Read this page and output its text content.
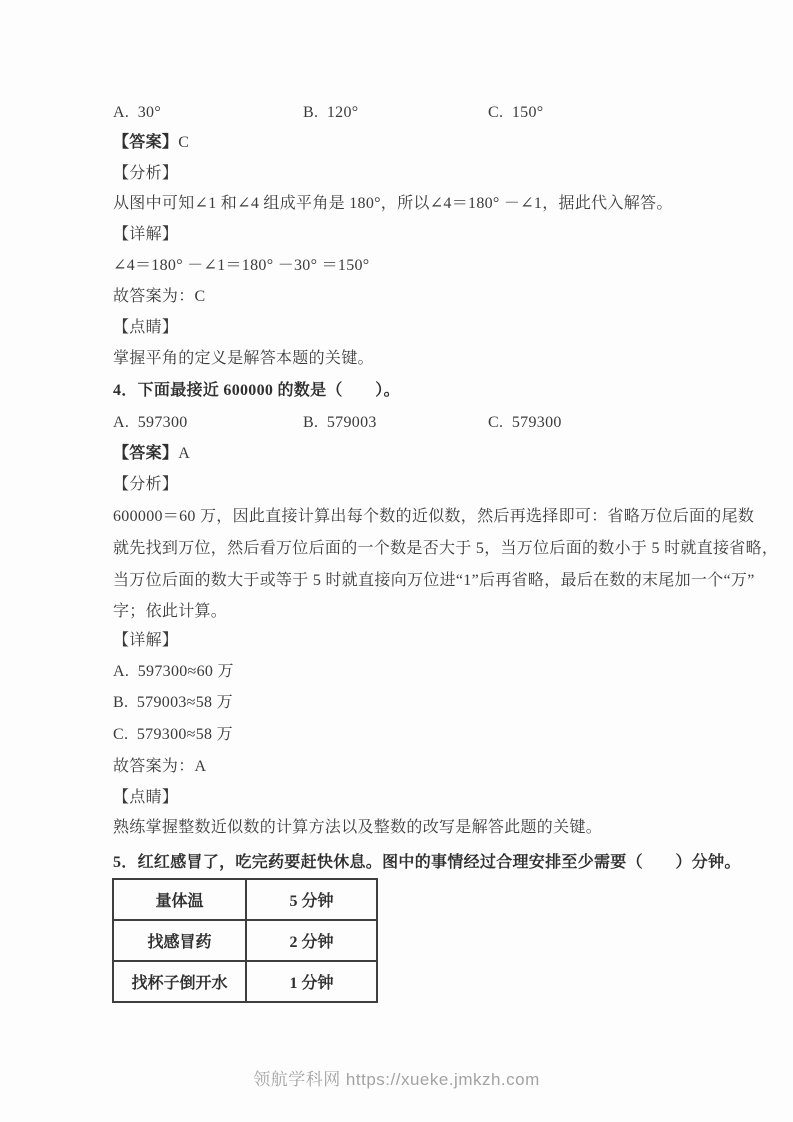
A.  30°	B.  120°	C.  150°
【答案】C
【分析】
从图中可知∠1 和∠4 组成平角是 180°，所以∠4＝180° －∠1，据此代入解答。
【详解】
∠4＝180° －∠1＝180° －30° ＝150°
故答案为：C
【点睛】
掌握平角的定义是解答本题的关键。
4．下面最接近 600000 的数是（　　）。
A.  597300	B.  579003	C.  579300
【答案】A
【分析】
600000＝60 万，因此直接计算出每个数的近似数，然后再选择即可：省略万位后面的尾数
就先找到万位，然后看万位后面的一个数是否大于 5，当万位后面的数小于 5 时就直接省略，
当万位后面的数大于或等于 5 时就直接向万位进“1”后再省略，最后在数的末尾加一个“万”
字；依此计算。
【详解】
A.  597300≈60 万
B.  579003≈58 万
C.  579300≈58 万
故答案为：A
【点睛】
熟练掌握整数近似数的计算方法以及整数的改写是解答此题的关键。
5．红红感冒了，吃完药要赶快休息。图中的事情经过合理安排至少需要（　　）分钟。
量体温	5 分钟
找感冒药	2 分钟
找杯子倒开水	1 分钟
领航学科网 https://xueke.jmkzh.com
